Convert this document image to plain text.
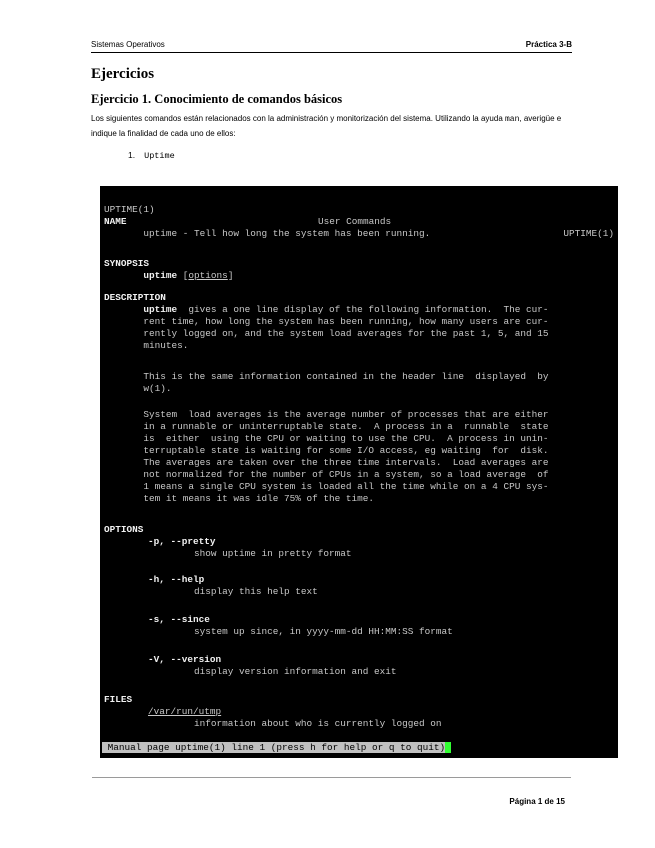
Sistemas Operativos	Práctica 3-B
Ejercicios
Ejercicio 1. Conocimiento de comandos básicos
Los siguientes comandos están relacionados con la administración y monitorización del sistema. Utilizando la ayuda man, averigüe e indique la finalidad de cada uno de ellos:
1. Uptime

UPTIME(1)

User Commands

UPTIME(1)

NAME
uptime - Tell how long the system has been running.
SYNOPSIS
uptime [options]
DESCRIPTION
uptime  gives a one line display of the following information.  The cur‐
rent time, how long the system has been running, how many users are cur‐
rently logged on, and the system load averages for the past 1, 5, and 15
minutes.
This is the same information contained in the header line  displayed  by
w(1).
System  load averages is the average number of processes that are either
in a runnable or uninterruptable state.  A process in a  runnable  state
is  either  using the CPU or waiting to use the CPU.  A process in unin‐
terruptable state is waiting for some I/O access, eg waiting  for  disk.
The averages are taken over the three time intervals.  Load averages are
not normalized for the number of CPUs in a system, so a load average  of
1 means a single CPU system is loaded all the time while on a 4 CPU sys‐
tem it means it was idle 75% of the time.
OPTIONS
-p, --pretty
show uptime in pretty format
-h, --help
display this help text
-s, --since
system up since, in yyyy-mm-dd HH:MM:SS format
-V, --version
display version information and exit
FILES
/var/run/utmp
information about who is currently logged on
Manual page uptime(1) line 1 (press h for help or q to quit)
Página 1 de 15
